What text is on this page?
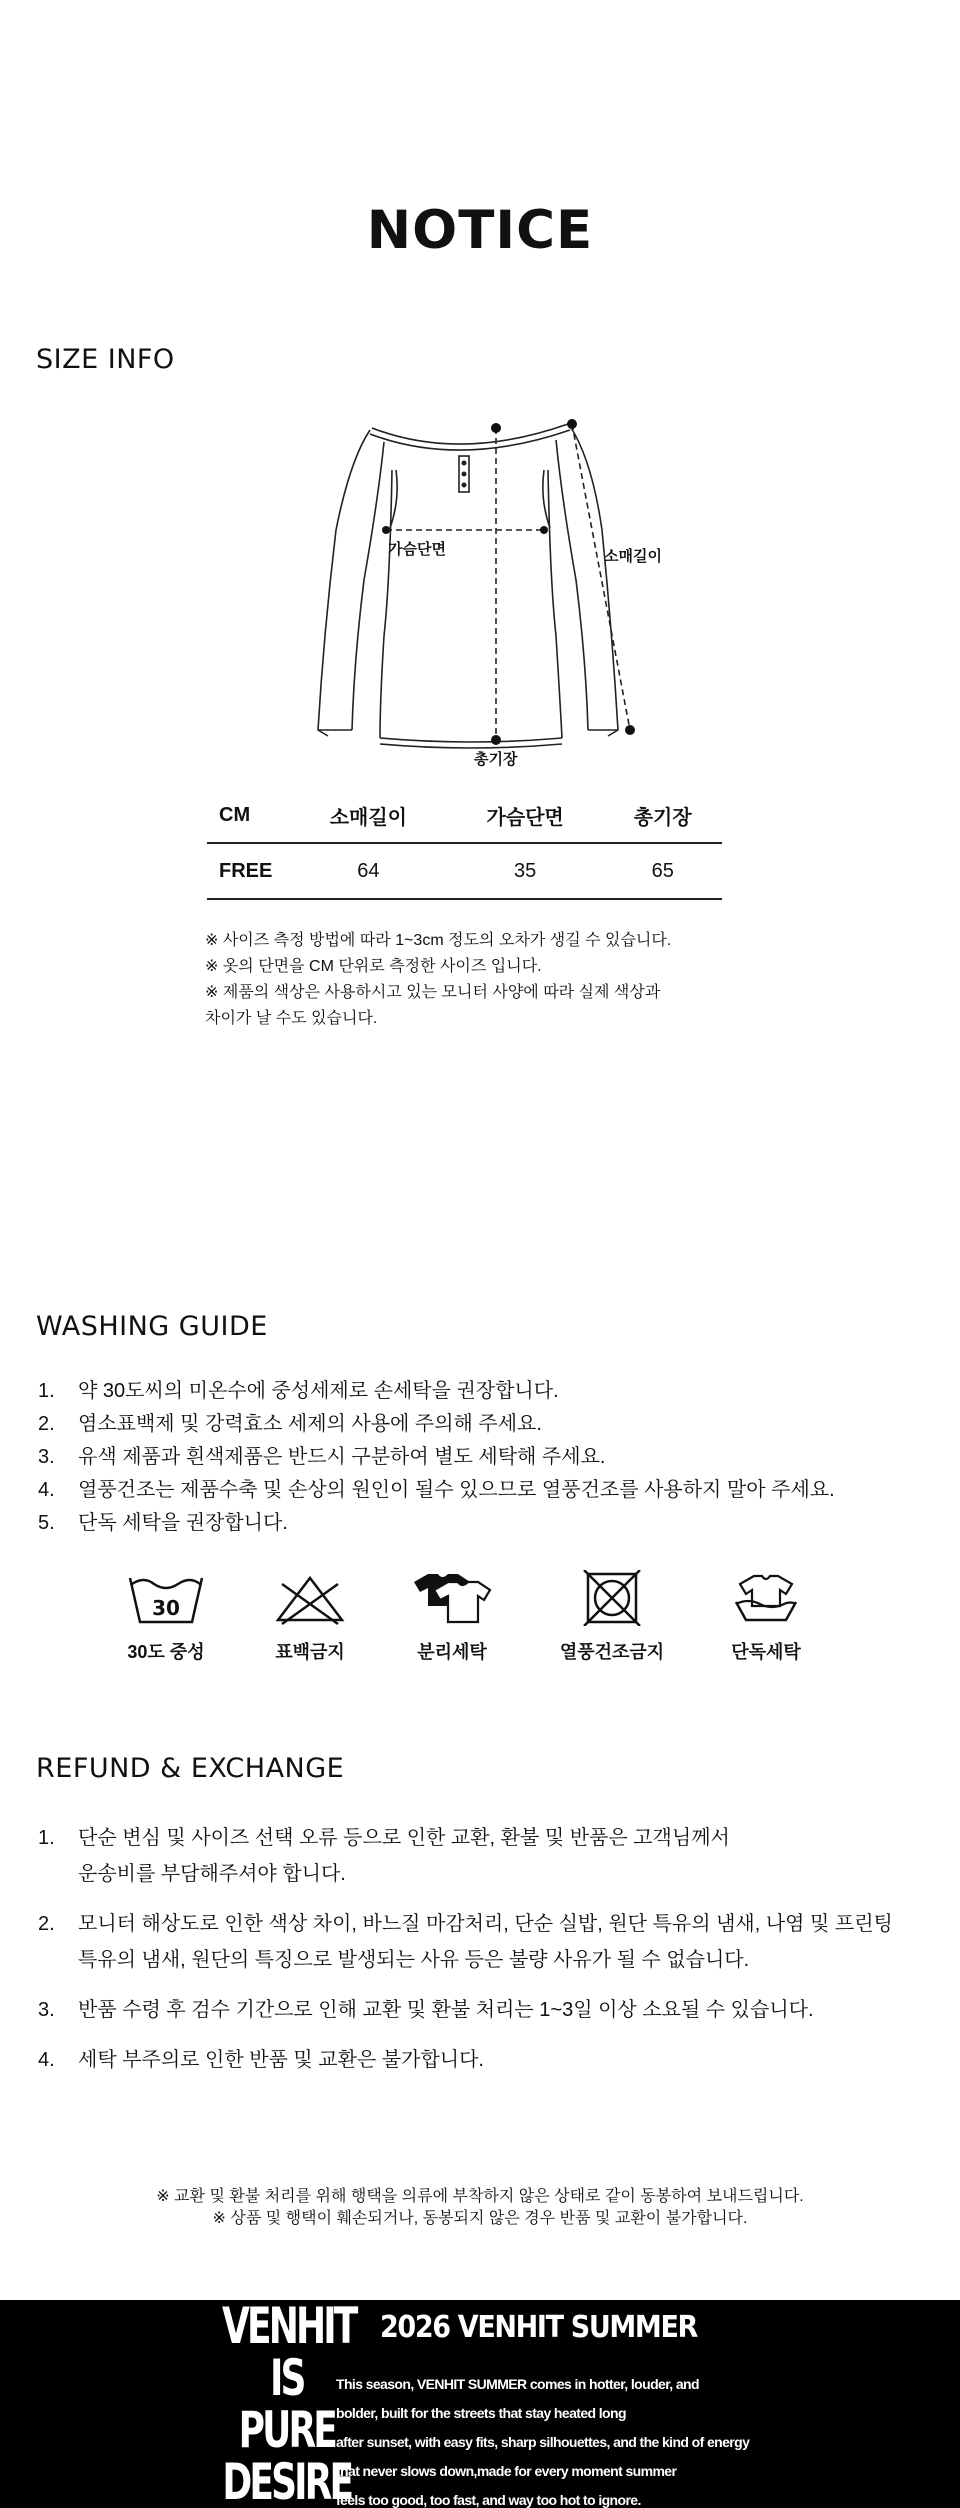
NOTICE
SIZE INFO
가슴단면	소매길이
총기장
CM	소매길이	가슴단면	총기장
FREE	64	35	65
※ 사이즈 측정 방법에 따라 1~3cm 정도의 오차가 생길 수 있습니다.
※ 옷의 단면을 CM 단위로 측정한 사이즈 입니다.
※ 제품의 색상은 사용하시고 있는 모니터 사양에 따라 실제 색상과
차이가 날 수도 있습니다.
WASHING GUIDE
1. 약 30도씨의 미온수에 중성세제로 손세탁을 권장합니다.
2. 염소표백제 및 강력효소 세제의 사용에 주의해 주세요.
3. 유색 제품과 흰색제품은 반드시 구분하여 별도 세탁해 주세요.
4. 열풍건조는 제품수축 및 손상의 원인이 될수 있으므로 열풍건조를 사용하지 말아 주세요.
5. 단독 세탁을 권장합니다.
30
30도 중성	표백금지	분리세탁	열풍건조금지	단독세탁
REFUND & EXCHANGE
1.	단순 변심 및 사이즈 선택 오류 등으로 인한 교환, 환불 및 반품은 고객님께서
운송비를 부담해주셔야 합니다.
2.	모니터 해상도로 인한 색상 차이, 바느질 마감처리, 단순 실밥, 원단 특유의 냄새, 나염 및 프린팅
특유의 냄새, 원단의 특징으로 발생되는 사유 등은 불량 사유가 될 수 없습니다.
3.	반품 수령 후 검수 기간으로 인해 교환 및 환불 처리는 1~3일 이상 소요될 수 있습니다.
4.	세탁 부주의로 인한 반품 및 교환은 불가합니다.
※ 교환 및 환불 처리를 위해 행택을 의류에 부착하지 않은 상태로 같이 동봉하여 보내드립니다.
※ 상품 및 행택이 훼손되거나, 동봉되지 않은 경우 반품 및 교환이 불가합니다.
VENHIT
IS
PURE
DESIRE
2026 VENHIT SUMMER
This season, VENHIT SUMMER comes in hotter, louder, and
bolder, built for the streets that stay heated long
after sunset, with easy fits, sharp silhouettes, and the kind of energy
that never slows down,made for every moment summer
feels too good, too fast, and way too hot to ignore.
